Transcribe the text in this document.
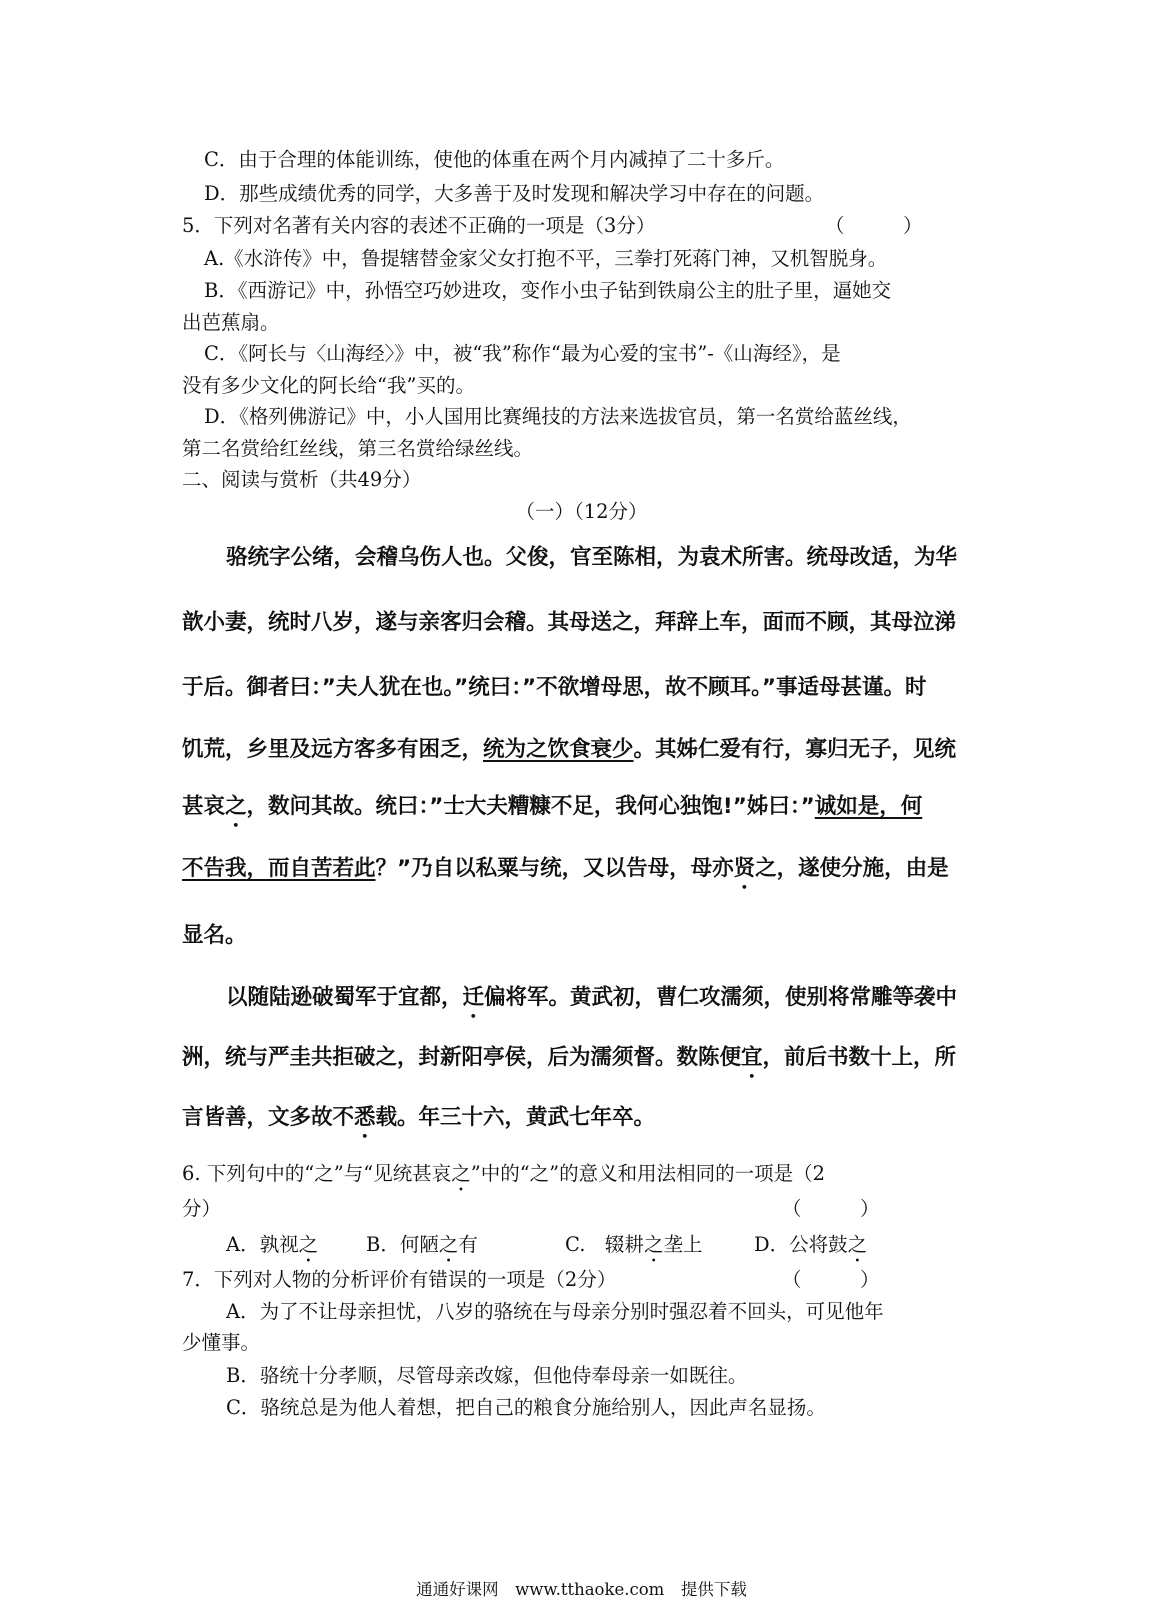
C．由于合理的体能训练，使他的体重在两个月内减掉了二十多斤。
D．那些成绩优秀的同学，大多善于及时发现和解决学习中存在的问题。
5．下列对名著有关内容的表述不正确的一项是（3分）	（　　　）
A.《水浒传》中，鲁提辖替金家父女打抱不平，三拳打死蒋门神，又机智脱身。
B．《西游记》中，孙悟空巧妙进攻，变作小虫子钻到铁扇公主的肚子里，逼她交
出芭蕉扇。
C．《阿长与〈山海经〉》中，被“我”称作“最为心爱的宝书”-《山海经》，是
没有多少文化的阿长给“我”买的。
D．《格列佛游记》中，小人国用比赛绳技的方法来选拔官员，第一名赏给蓝丝线，
第二名赏给红丝线，第三名赏给绿丝线。
二、阅读与赏析（共49分）
（一）（12分）
骆统字公绪，会稽乌伤人也。父俊，官至陈相，为袁术所害。统母改适，为华
歆小妻，统时八岁，遂与亲客归会稽。其母送之，拜辞上车，面而不顾，其母泣涕
于后。御者曰：”夫人犹在也。”统曰：”不欲增母思，故不顾耳。”事适母甚谨。时
饥荒，乡里及远方客多有困乏，统为之饮食衰少。其姊仁爱有行，寡归无子，见统
甚哀之，数问其故。统曰：”士大夫糟糠不足，我何心独饱!”姊曰：”诚如是，何
不告我，而自苦若此？”乃自以私粟与统，又以告母，母亦贤之，遂使分施，由是
显名。
以随陆逊破蜀军于宜都，迁偏将军。黄武初，曹仁攻濡须，使别将常雕等袭中
洲，统与严圭共拒破之，封新阳亭侯，后为濡须督。数陈便宜，前后书数十上，所
言皆善，文多故不悉载。年三十六，黄武七年卒。
6. 下列句中的“之”与“见统甚哀之”中的“之”的意义和用法相同的一项是（2
分）	（　　　）
A．孰视之 B．何陋之有	C.　辍耕之垄上	D．公将鼓之
7．下列对人物的分析评价有错误的一项是（2分）	（　　　）
A．为了不让母亲担忧，八岁的骆统在与母亲分别时强忍着不回头，可见他年
少懂事。
B．骆统十分孝顺，尽管母亲改嫁，但他侍奉母亲一如既往。
C．骆统总是为他人着想，把自己的粮食分施给别人，因此声名显扬。
通通好课网　www.tthaoke.com　提供下载
